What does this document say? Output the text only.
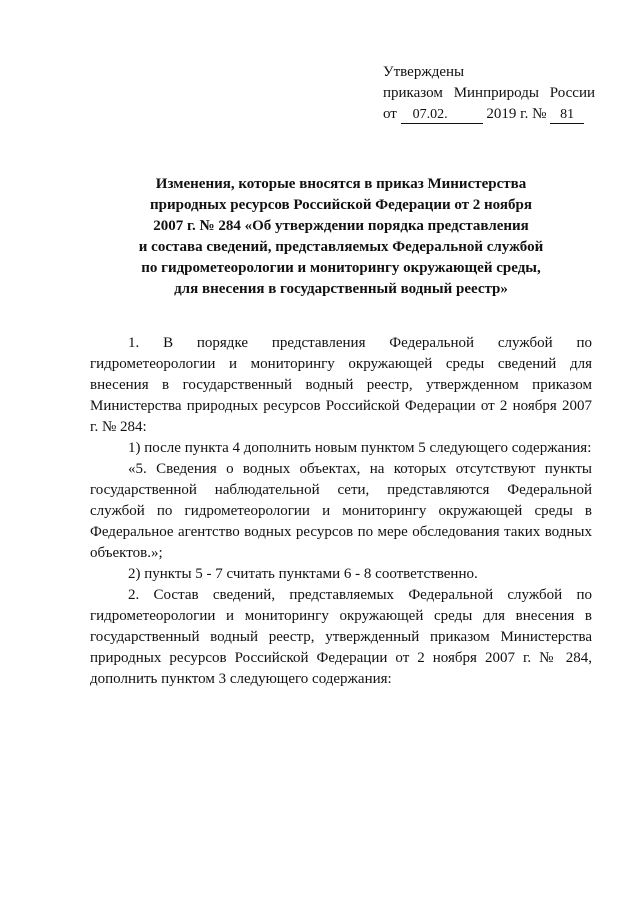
Утверждены
приказом Минприроды России
от 07.02.	2019 г. № 81
Изменения, которые вносятся в приказ Министерства
природных ресурсов Российской Федерации от 2 ноября
2007 г. № 284 «Об утверждении порядка представления
и состава сведений, представляемых Федеральной службой
по гидрометеорологии и мониторингу окружающей среды,
для внесения в государственный водный реестр»

1. В порядке представления Федеральной службой по гидрометеорологии и мониторингу окружающей среды сведений для внесения в государственный водный реестр, утвержденном приказом Министерства природных ресурсов Российской Федерации от 2 ноября 2007 г. № 284:

1) после пункта 4 дополнить новым пунктом 5 следующего содержания:

«5. Сведения о водных объектах, на которых отсутствуют пункты государственной наблюдательной сети, представляются Федеральной службой по гидрометеорологии и мониторингу окружающей среды в Федеральное агентство водных ресурсов по мере обследования таких водных объектов.»;

2) пункты 5 - 7 считать пунктами 6 - 8 соответственно.

2. Состав сведений, представляемых Федеральной службой по гидрометеорологии и мониторингу окружающей среды для внесения в государственный водный реестр, утвержденный приказом Министерства природных ресурсов Российской Федерации от 2 ноября 2007 г. № 284, дополнить пунктом 3 следующего содержания:
